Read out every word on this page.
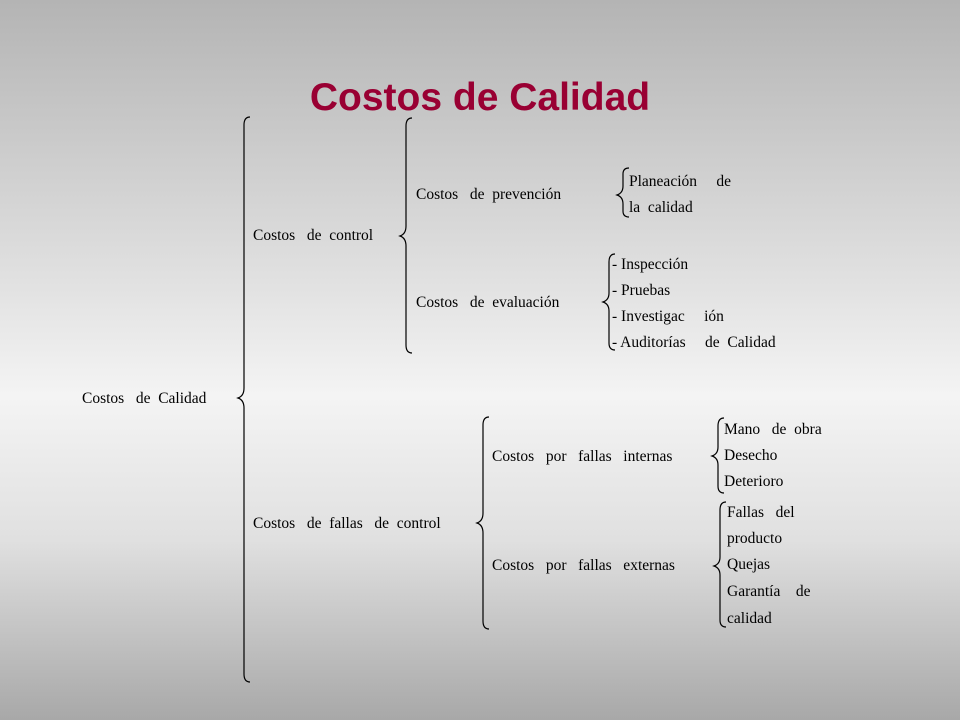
Costos de Calidad
Costos   de  Calidad
Costos   de  control
Costos   de  prevención
Planeación     de
la  calidad
Costos   de  evaluación
- Inspección
- Pruebas
- Investigac     ión
- Auditorías     de  Calidad
Costos   de  fallas   de  control
Costos   por   fallas   internas
Mano   de  obra
Desecho
Deterioro
Costos   por   fallas   externas
Fallas   del
producto
Quejas
Garantía    de
calidad
